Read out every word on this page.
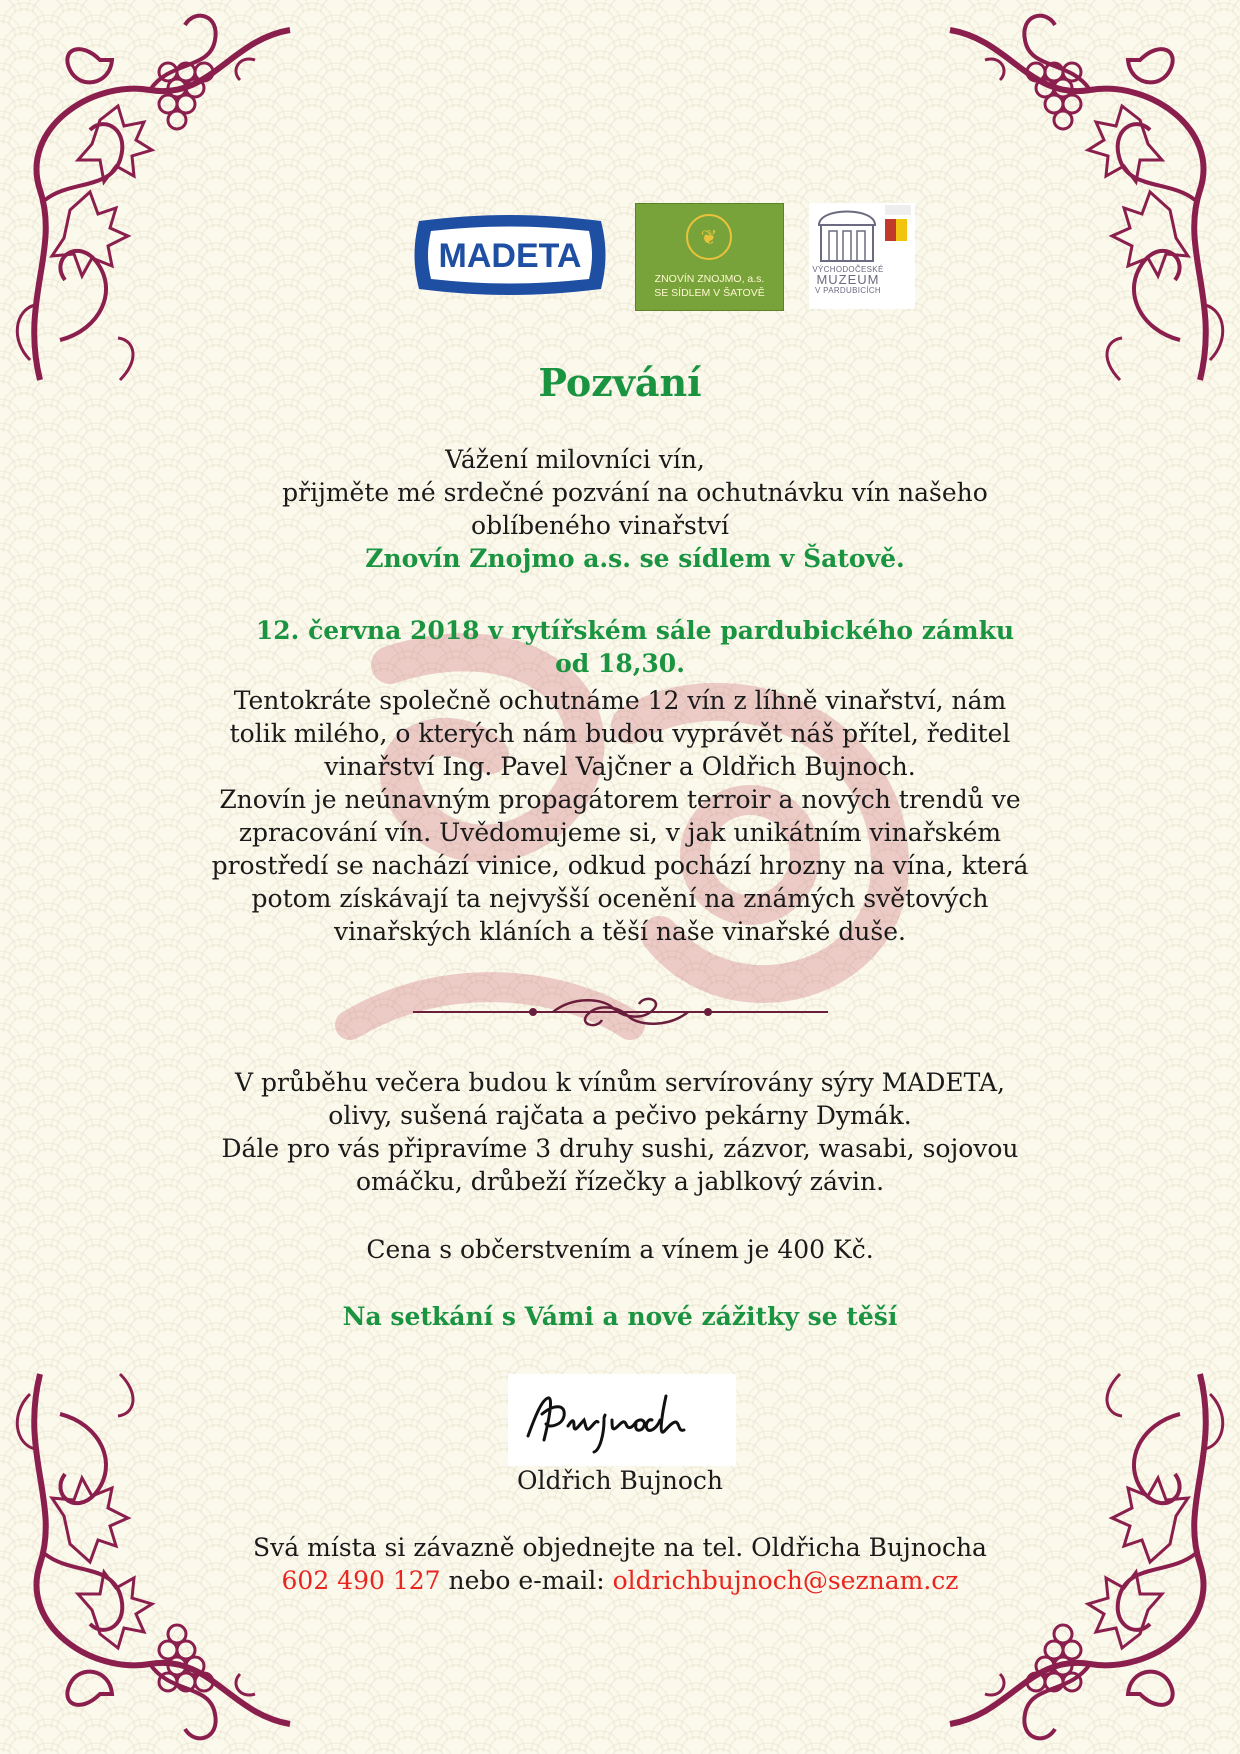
MADETA	❦
ZNOVÍN ZNOJMO, a.s.
SE SÍDLEM V ŠATOVĚ
VÝCHODOČESKÉ
MUZEUM
V PARDUBICÍCH
Pozvání
Vážení milovníci vín,
přijměte mé srdečné pozvání na ochutnávku vín našeho
oblíbeného vinařství
Znovín Znojmo a.s. se sídlem v Šatově.
12. června 2018 v rytířském sále pardubického zámku
od 18,30.
Tentokráte společně ochutnáme 12 vín z líhně vinařství, nám
tolik milého, o kterých nám budou vyprávět náš přítel, ředitel
vinařství Ing. Pavel Vajčner a Oldřich Bujnoch.
Znovín je neúnavným propagátorem terroir a nových trendů ve
zpracování vín. Uvědomujeme si, v jak unikátním vinařském
prostředí se nachází vinice, odkud pochází hrozny na vína, která
potom získávají ta nejvyšší ocenění na známých světových
vinařských kláních a těší naše vinařské duše.
V průběhu večera budou k vínům servírovány sýry MADETA,
olivy, sušená rajčata a pečivo pekárny Dymák.
Dále pro vás připravíme 3 druhy sushi, zázvor, wasabi, sojovou
omáčku, drůbeží řízečky a jablkový závin.
Cena s občerstvením a vínem je 400 Kč.
Na setkání s Vámi a nové zážitky se těší
Oldřich Bujnoch
Svá místa si závazně objednejte na tel. Oldřicha Bujnocha
602 490 127 nebo e-mail: oldrichbujnoch@seznam.cz
